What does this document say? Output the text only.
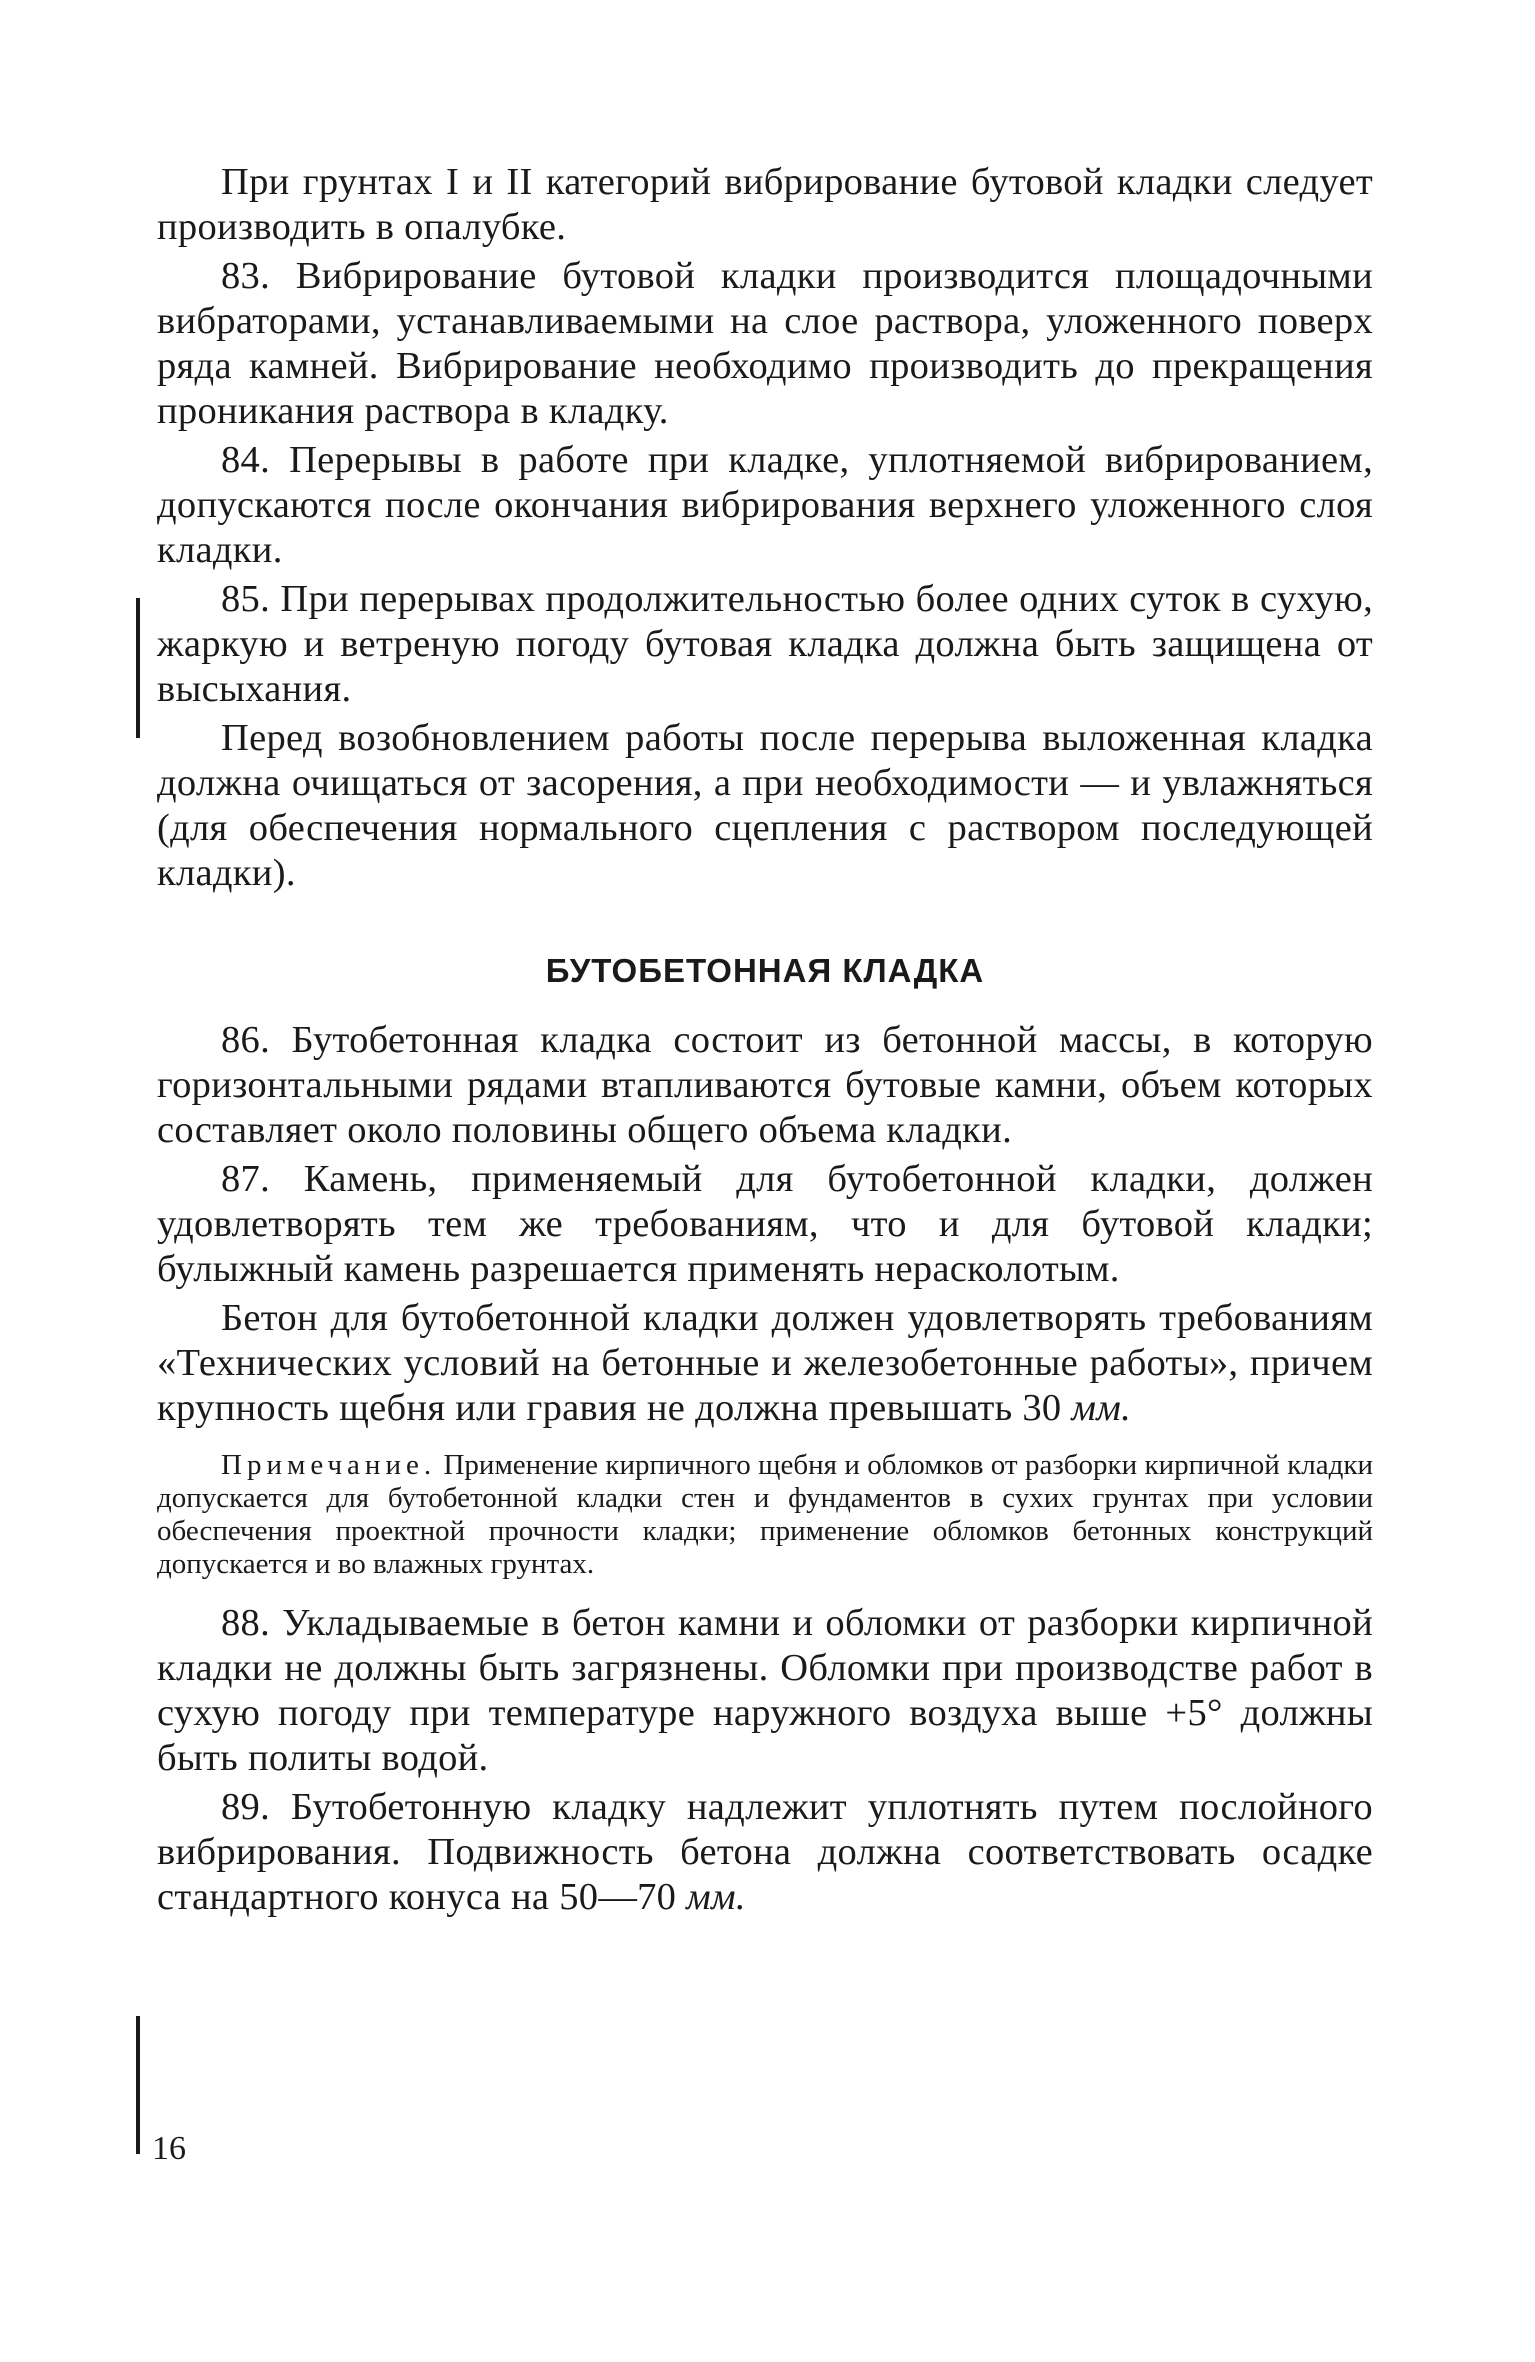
При грунтах I и II категорий вибрирование бутовой кладки следует производить в опалубке.

83. Вибрирование бутовой кладки производится площадочными вибраторами, устанавливаемыми на слое раствора, уложенного поверх ряда камней. Вибрирование необходимо производить до прекращения проникания раствора в кладку.

84. Перерывы в работе при кладке, уплотняемой вибрированием, допускаются после окончания вибрирования верхнего уложенного слоя кладки.

85. При перерывах продолжительностью более одних суток в сухую, жаркую и ветреную погоду бутовая кладка должна быть защищена от высыхания.

Перед возобновлением работы после перерыва выложенная кладка должна очищаться от засорения, а при необходимости — и увлажняться (для обеспечения нормального сцепления с раствором последующей кладки).

БУТОБЕТОННАЯ КЛАДКА

86. Бутобетонная кладка состоит из бетонной массы, в которую горизонтальными рядами втапливаются бутовые камни, объем которых составляет около половины общего объема кладки.

87. Камень, применяемый для бутобетонной кладки, должен удовлетворять тем же требованиям, что и для бутовой кладки; булыжный камень разрешается применять нерасколотым.

Бетон для бутобетонной кладки должен удовлетворять требованиям «Технических условий на бетонные и железобетонные работы», причем крупность щебня или гравия не должна превышать 30 мм.

Примечание. Применение кирпичного щебня и обломков от разборки кирпичной кладки допускается для бутобетонной кладки стен и фундаментов в сухих грунтах при условии обеспечения проектной прочности кладки; применение обломков бетонных конструкций допускается и во влажных грунтах.

88. Укладываемые в бетон камни и обломки от разборки кирпичной кладки не должны быть загрязнены. Обломки при производстве работ в сухую погоду при температуре наружного воздуха выше +5° должны быть политы водой.

89. Бутобетонную кладку надлежит уплотнять путем послойного вибрирования. Подвижность бетона должна соответствовать осадке стандартного конуса на 50—70 мм.

16
